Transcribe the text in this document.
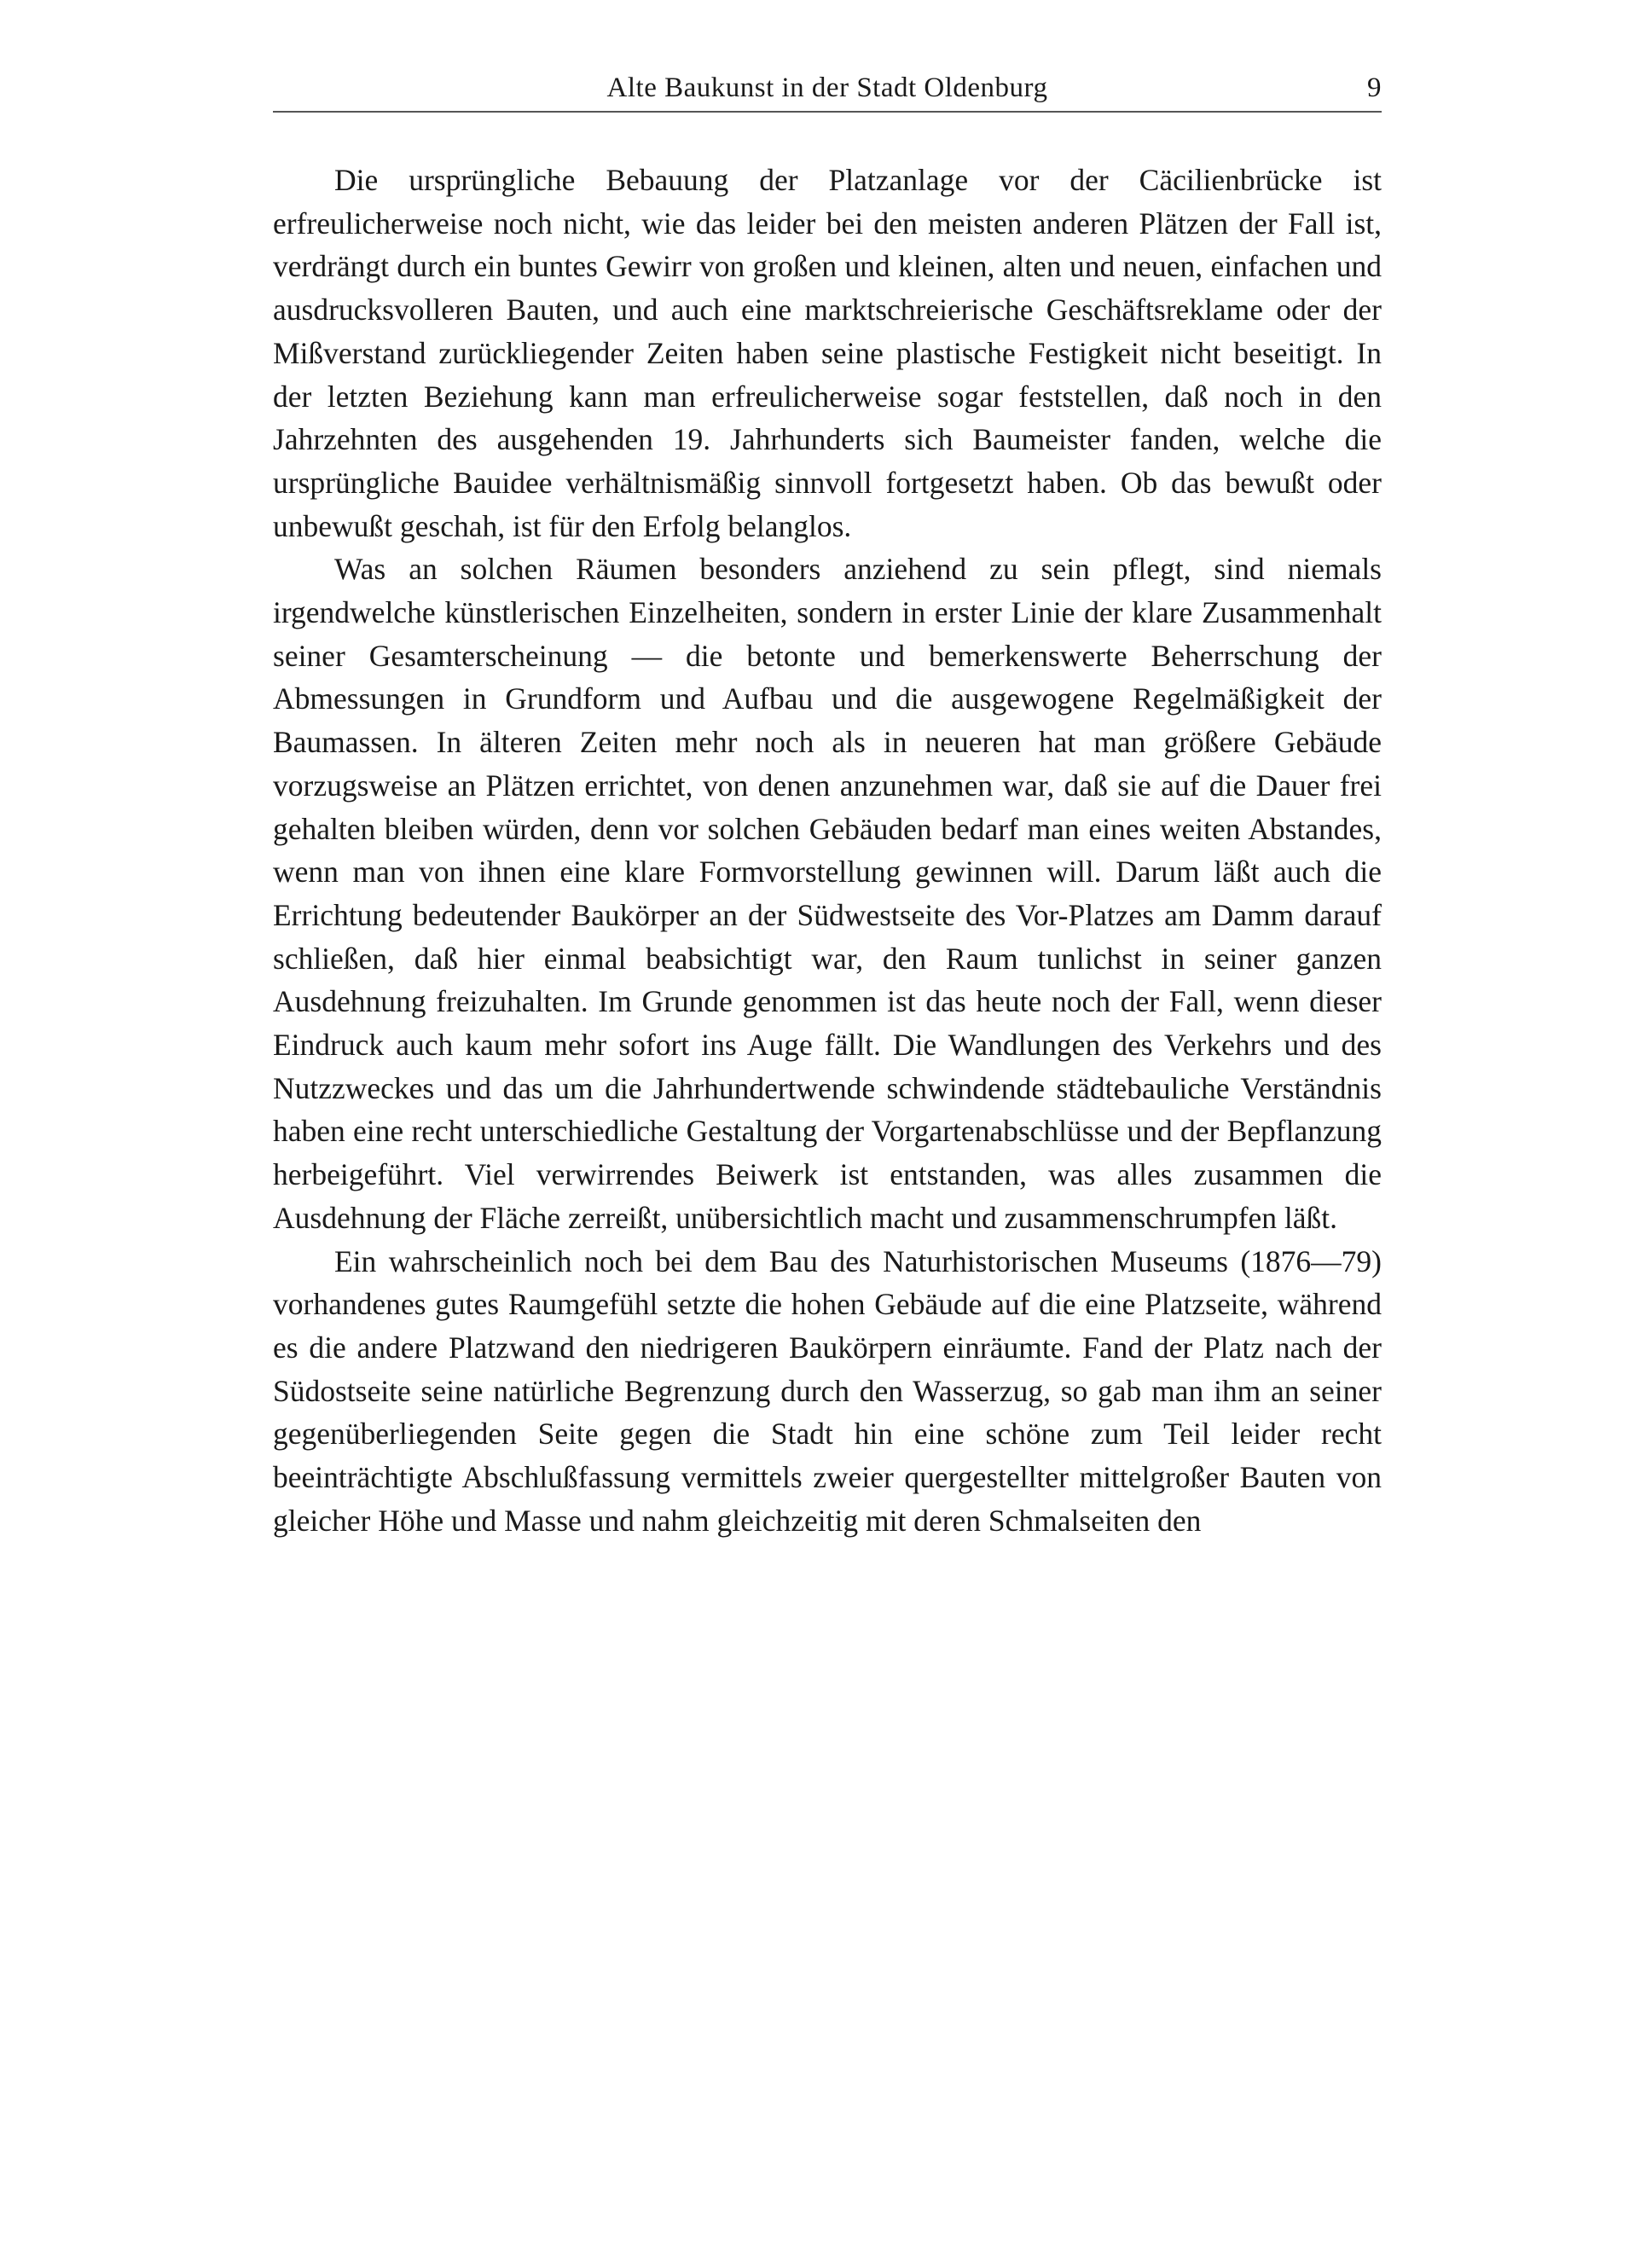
Alte Baukunst in der Stadt Oldenburg	9

Die ursprüngliche Bebauung der Platzanlage vor der Cäcilienbrücke ist erfreulicherweise noch nicht, wie das leider bei den meisten anderen Plätzen der Fall ist, verdrängt durch ein buntes Gewirr von großen und kleinen, alten und neuen, einfachen und ausdrucksvolleren Bauten, und auch eine marktschreierische Geschäftsreklame oder der Mißverstand zurückliegender Zeiten haben seine plastische Festigkeit nicht beseitigt. In der letzten Beziehung kann man erfreulicherweise sogar feststellen, daß noch in den Jahrzehnten des ausgehenden 19. Jahrhunderts sich Baumeister fanden, welche die ursprüngliche Bauidee verhältnismäßig sinnvoll fortgesetzt haben. Ob das bewußt oder unbewußt geschah, ist für den Erfolg belanglos.

Was an solchen Räumen besonders anziehend zu sein pflegt, sind niemals irgendwelche künstlerischen Einzelheiten, sondern in erster Linie der klare Zusammenhalt seiner Gesamterscheinung — die betonte und bemerkenswerte Beherrschung der Abmessungen in Grundform und Aufbau und die ausgewogene Regelmäßigkeit der Baumassen. In älteren Zeiten mehr noch als in neueren hat man größere Gebäude vorzugsweise an Plätzen errichtet, von denen anzunehmen war, daß sie auf die Dauer frei gehalten bleiben würden, denn vor solchen Gebäuden bedarf man eines weiten Abstandes, wenn man von ihnen eine klare Formvorstellung gewinnen will. Darum läßt auch die Errichtung bedeutender Baukörper an der Südwestseite des Vor-Platzes am Damm darauf schließen, daß hier einmal beabsichtigt war, den Raum tunlichst in seiner ganzen Ausdehnung freizuhalten. Im Grunde genommen ist das heute noch der Fall, wenn dieser Eindruck auch kaum mehr sofort ins Auge fällt. Die Wandlungen des Verkehrs und des Nutzzweckes und das um die Jahrhundertwende schwindende städtebauliche Verständnis haben eine recht unterschiedliche Gestaltung der Vorgartenabschlüsse und der Bepflanzung herbeigeführt. Viel verwirrendes Beiwerk ist entstanden, was alles zusammen die Ausdehnung der Fläche zerreißt, unübersichtlich macht und zusammenschrumpfen läßt.

Ein wahrscheinlich noch bei dem Bau des Naturhistorischen Museums (1876—79) vorhandenes gutes Raumgefühl setzte die hohen Gebäude auf die eine Platzseite, während es die andere Platzwand den niedrigeren Baukörpern einräumte. Fand der Platz nach der Südostseite seine natürliche Begrenzung durch den Wasserzug, so gab man ihm an seiner gegenüberliegenden Seite gegen die Stadt hin eine schöne zum Teil leider recht beeinträchtigte Abschlußfassung vermittels zweier quergestellter mittelgroßer Bauten von gleicher Höhe und Masse und nahm gleichzeitig mit deren Schmalseiten den
